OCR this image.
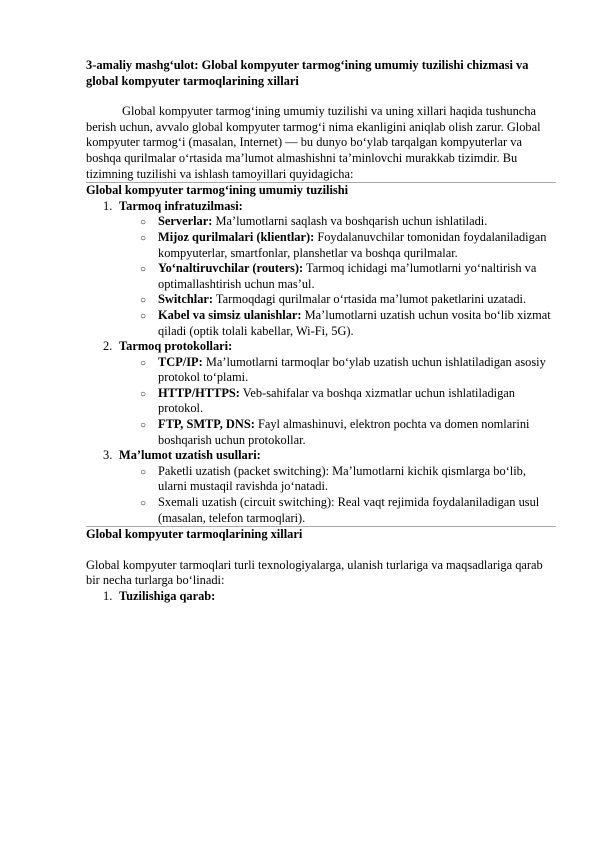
3-amaliy mashgʻulot: Global kompyuter tarmogʻining umumiy tuzilishi chizmasi va global kompyuter tarmoqlarining xillari

Global kompyuter tarmogʻining umumiy tuzilishi va uning xillari haqida tushuncha berish uchun, avvalo global kompyuter tarmogʻi nima ekanligini aniqlab olish zarur. Global kompyuter tarmogʻi (masalan, Internet) — bu dunyo boʻylab tarqalgan kompyuterlar va boshqa qurilmalar oʻrtasida maʼlumot almashishni taʼminlovchi murakkab tizimdir. Bu tizimning tuzilishi va ishlash tamoyillari quyidagicha:

Global kompyuter tarmogʻining umumiy tuzilishi
1. Tarmoq infratuzilmasi:
○ Serverlar: Maʼlumotlarni saqlash va boshqarish uchun ishlatiladi.
○ Mijoz qurilmalari (klientlar): Foydalanuvchilar tomonidan foydalaniladigan kompyuterlar, smartfonlar, planshetlar va boshqa qurilmalar.
○ Yoʻnaltiruvchilar (routers): Tarmoq ichidagi maʼlumotlarni yoʻnaltirish va optimallashtirish uchun masʼul.
○ Switchlar: Tarmoqdagi qurilmalar oʻrtasida maʼlumot paketlarini uzatadi.
○ Kabel va simsiz ulanishlar: Maʼlumotlarni uzatish uchun vosita boʻlib xizmat qiladi (optik tolali kabellar, Wi-Fi, 5G).
2. Tarmoq protokollari:
○ TCP/IP: Maʼlumotlarni tarmoqlar boʻylab uzatish uchun ishlatiladigan asosiy protokol toʻplami.
○ HTTP/HTTPS: Veb-sahifalar va boshqa xizmatlar uchun ishlatiladigan protokol.
○ FTP, SMTP, DNS: Fayl almashinuvi, elektron pochta va domen nomlarini boshqarish uchun protokollar.
3. Maʼlumot uzatish usullari:
○ Paketli uzatish (packet switching): Maʼlumotlarni kichik qismlarga boʻlib, ularni mustaqil ravishda joʻnatadi.
○ Sxemali uzatish (circuit switching): Real vaqt rejimida foydalaniladigan usul (masalan, telefon tarmoqlari).
Global kompyuter tarmoqlarining xillari

Global kompyuter tarmoqlari turli texnologiyalarga, ulanish turlariga va maqsadlariga qarab bir necha turlarga boʻlinadi:

1. Tuzilishiga qarab:
